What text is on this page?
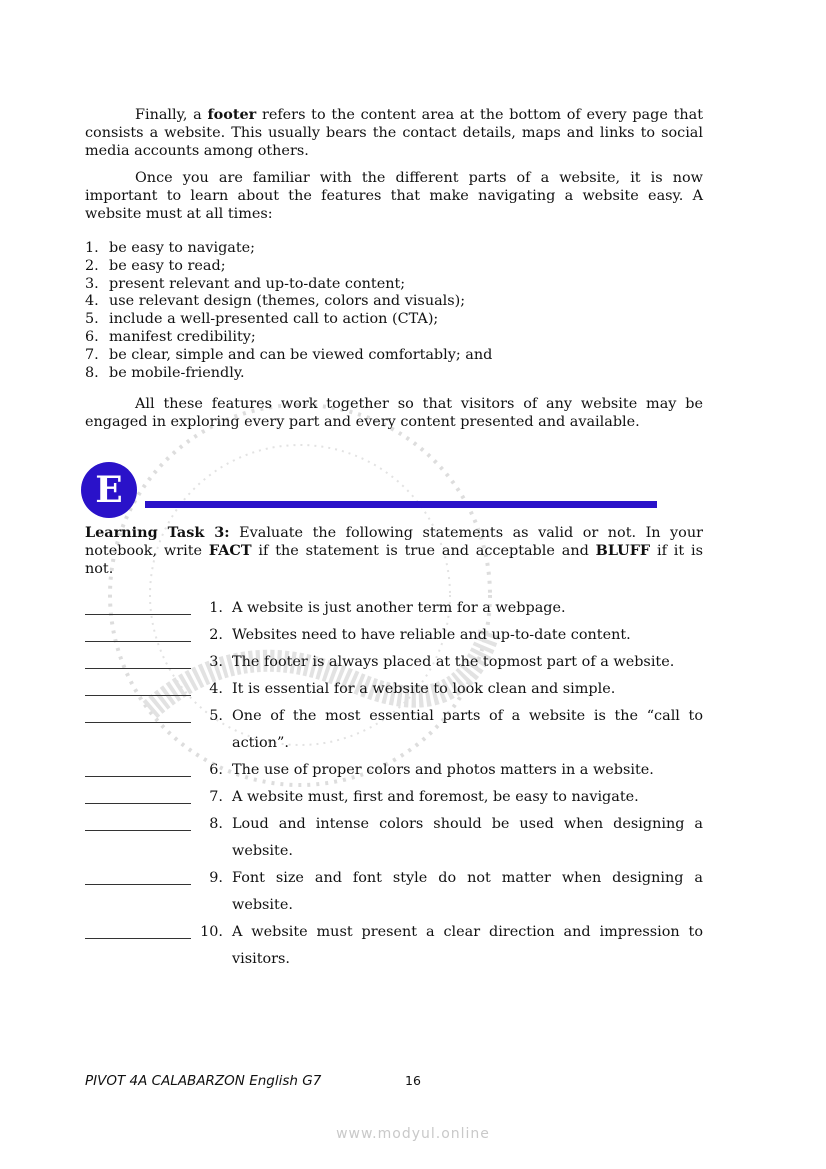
Finally, a footer refers to the content area at the bottom of every page that consists a website. This usually bears the contact details, maps and links to social media accounts among others.

Once you are familiar with the different parts of a website, it is now important to learn about the features that make navigating a website easy. A website must at all times:

1. be easy to navigate;
2. be easy to read;
3. present relevant and up-to-date content;
4. use relevant design (themes, colors and visuals);
5. include a well-presented call to action (CTA);
6. manifest credibility;
7. be clear, simple and can be viewed comfortably; and
8. be mobile-friendly.

All these features work together so that visitors of any website may be engaged in exploring every part and every content presented and available.

E

Learning Task 3: Evaluate the following statements as valid or not. In your notebook, write FACT if the statement is true and acceptable and BLUFF if it is not.

1. A website is just another term for a webpage.
2. Websites need to have reliable and up-to-date content.
3. The footer is always placed at the topmost part of a website.
4. It is essential for a website to look clean and simple.
5. One of the most essential parts of a website is the “call to action”.
6. The use of proper colors and photos matters in a website.
7. A website must, first and foremost, be easy to navigate.
8. Loud and intense colors should be used when designing a website.
9. Font size and font style do not matter when designing a website.
10. A website must present a clear direction and impression to visitors.
PIVOT 4A CALABARZON English G7	16
www.modyul.online
